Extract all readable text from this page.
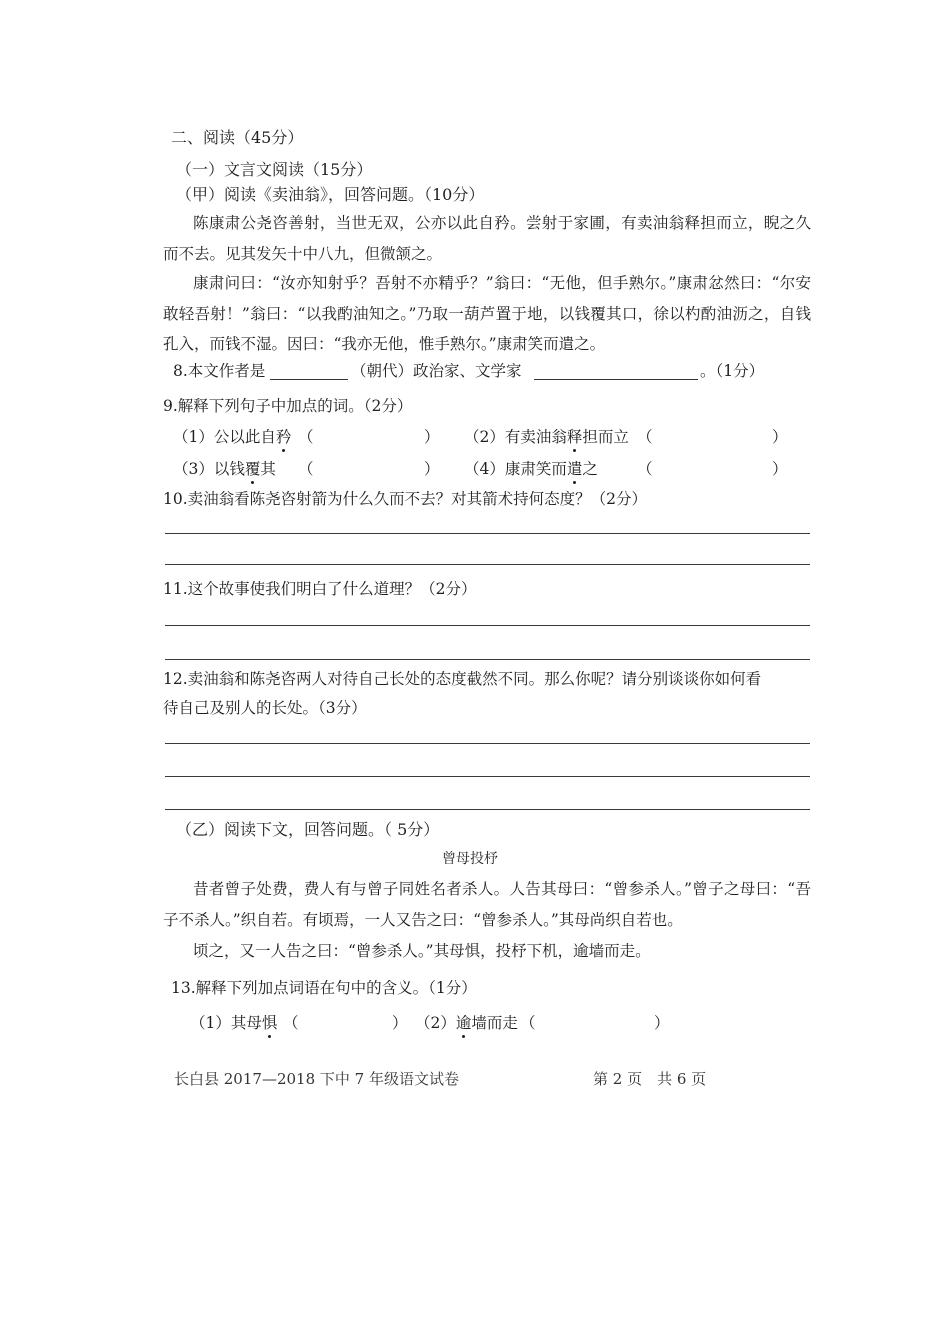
二、阅读（45分）
（一）文言文阅读（15分）
（甲）阅读《卖油翁》，回答问题。（10分）
陈康肃公尧咨善射，当世无双，公亦以此自矜。尝射于家圃，有卖油翁释担而立，睨之久而不去。见其发矢十中八九，但微颔之。
康肃问曰：“汝亦知射乎？吾射不亦精乎？”翁曰：“无他，但手熟尔。”康肃忿然曰：“尔安敢轻吾射！”翁曰：“以我酌油知之。”乃取一葫芦置于地，以钱覆其口，徐以杓酌油沥之，自钱孔入，而钱不湿。因曰：“我亦无他，惟手熟尔。”康肃笑而遣之。
8.本文作者是	（朝代）政治家、文学家	。（1分）
9.解释下列句子中加点的词。（2分）
（1）公以此自矜 （	） （2）有卖油翁释担而立 （	）
（3）以钱覆其 （	） （4）康肃笑而遣之	（	）
10.卖油翁看陈尧咨射箭为什么久而不去？对其箭术持何态度？（2分）
11.这个故事使我们明白了什么道理？（2分）
12.卖油翁和陈尧咨两人对待自己长处的态度截然不同。那么你呢？请分别谈谈你如何看
待自己及别人的长处。（3分）
（乙）阅读下文，回答问题。（ 5分）
曾母投杼
昔者曾子处费，费人有与曾子同姓名者杀人。人告其母曰：“曾参杀人。”曾子之母曰：“吾子不杀人。”织自若。有顷焉，一人又告之曰：“曾参杀人。”其母尚织自若也。
顷之，又一人告之曰：“曾参杀人。”其母惧，投杼下机，逾墙而走。
13.解释下列加点词语在句中的含义。（1分）
（1）其母惧 （	） （2）逾墙而走 （	）
长白县 2017—2018 下中 7 年级语文试卷	第 2 页　共 6 页
